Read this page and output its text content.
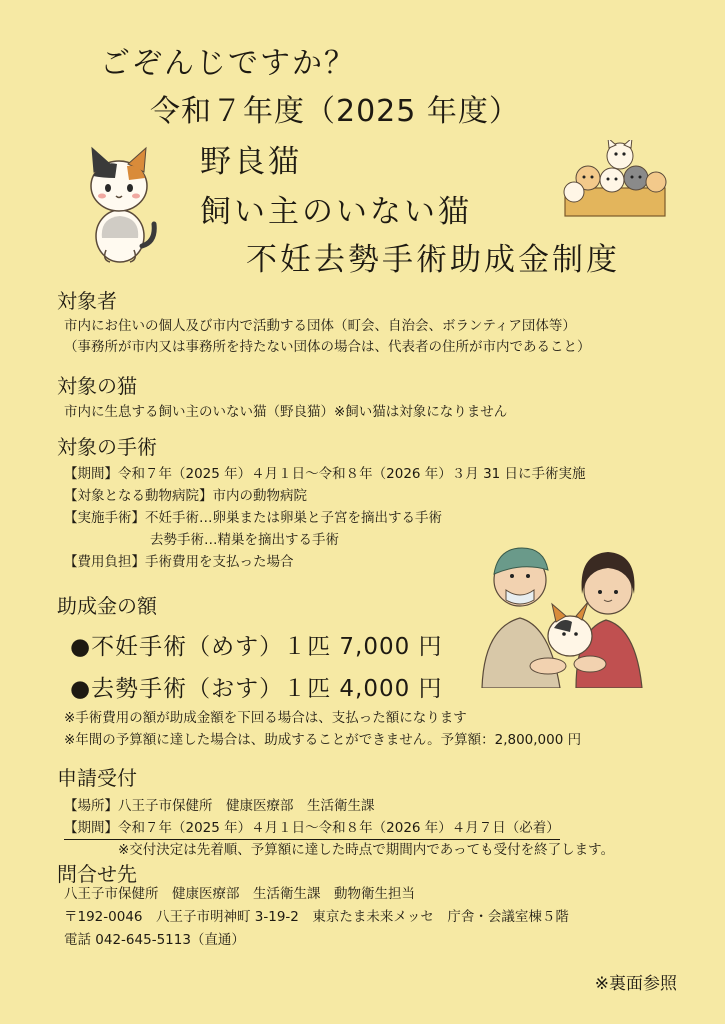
ごぞんじですか？
令和７年度（2025 年度）
野良猫
飼い主のいない猫
不妊去勢手術助成金制度
対象者
市内にお住いの個人及び市内で活動する団体（町会、自治会、ボランティア団体等）
（事務所が市内又は事務所を持たない団体の場合は、代表者の住所が市内であること）
対象の猫
市内に生息する飼い主のいない猫（野良猫）※飼い猫は対象になりません
対象の手術
【期間】令和７年（2025 年）４月１日～令和８年（2026 年）３月 31 日に手術実施
【対象となる動物病院】市内の動物病院
【実施手術】不妊手術…卵巣または卵巣と子宮を摘出する手術
去勢手術…精巣を摘出する手術
【費用負担】手術費用を支払った場合
助成金の額
●不妊手術（めす）１匹 7,000 円
●去勢手術（おす）１匹 4,000 円
※手術費用の額が助成金額を下回る場合は、支払った額になります
※年間の予算額に達した場合は、助成することができません。予算額：2,800,000 円
申請受付
【場所】八王子市保健所　健康医療部　生活衛生課
【期間】令和７年（2025 年）４月１日～令和８年（2026 年）４月７日（必着）
※交付決定は先着順、予算額に達した時点で期間内であっても受付を終了します。
問合せ先
八王子市保健所　健康医療部　生活衛生課　動物衛生担当
〒192-0046　八王子市明神町 3-19-2　東京たま未来メッセ　庁舎・会議室棟５階
電話 042-645-5113（直通）
※裏面参照
